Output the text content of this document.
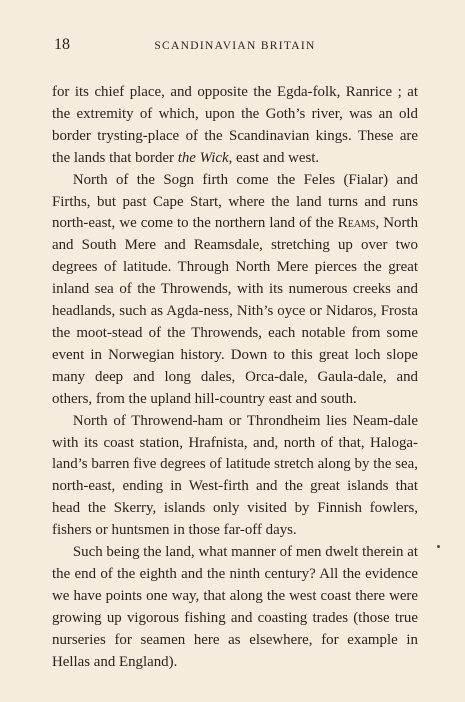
18	SCANDINAVIAN BRITAIN

for its chief place, and opposite the Egda-folk, Ranrice ; at the extremity of which, upon the Goth’s river, was an old border trysting-place of the Scandinavian kings. These are the lands that border the Wick, east and west.

North of the Sogn firth come the Feles (Fialar) and Firths, but past Cape Start, where the land turns and runs north-east, we come to the northern land of the Reams, North and South Mere and Reamsdale, stretching up over two degrees of latitude. Through North Mere pierces the great inland sea of the Throwends, with its numerous creeks and headlands, such as Agda-ness, Nith’s oyce or Nidaros, Frosta the moot-stead of the Throwends, each notable from some event in Norwegian history. Down to this great loch slope many deep and long dales, Orca-dale, Gaula-dale, and others, from the upland hill-country east and south.

North of Throwend-ham or Throndheim lies Neam-dale with its coast station, Hrafnista, and, north of that, Haloga-land’s barren five degrees of latitude stretch along by the sea, north-east, ending in West-firth and the great islands that head the Skerry, islands only visited by Finnish fowlers, fishers or huntsmen in those far-off days.

Such being the land, what manner of men dwelt therein at the end of the eighth and the ninth century? All the evidence we have points one way, that along the west coast there were growing up vigorous fishing and coasting trades (those true nurseries for seamen here as elsewhere, for example in Hellas and England).
